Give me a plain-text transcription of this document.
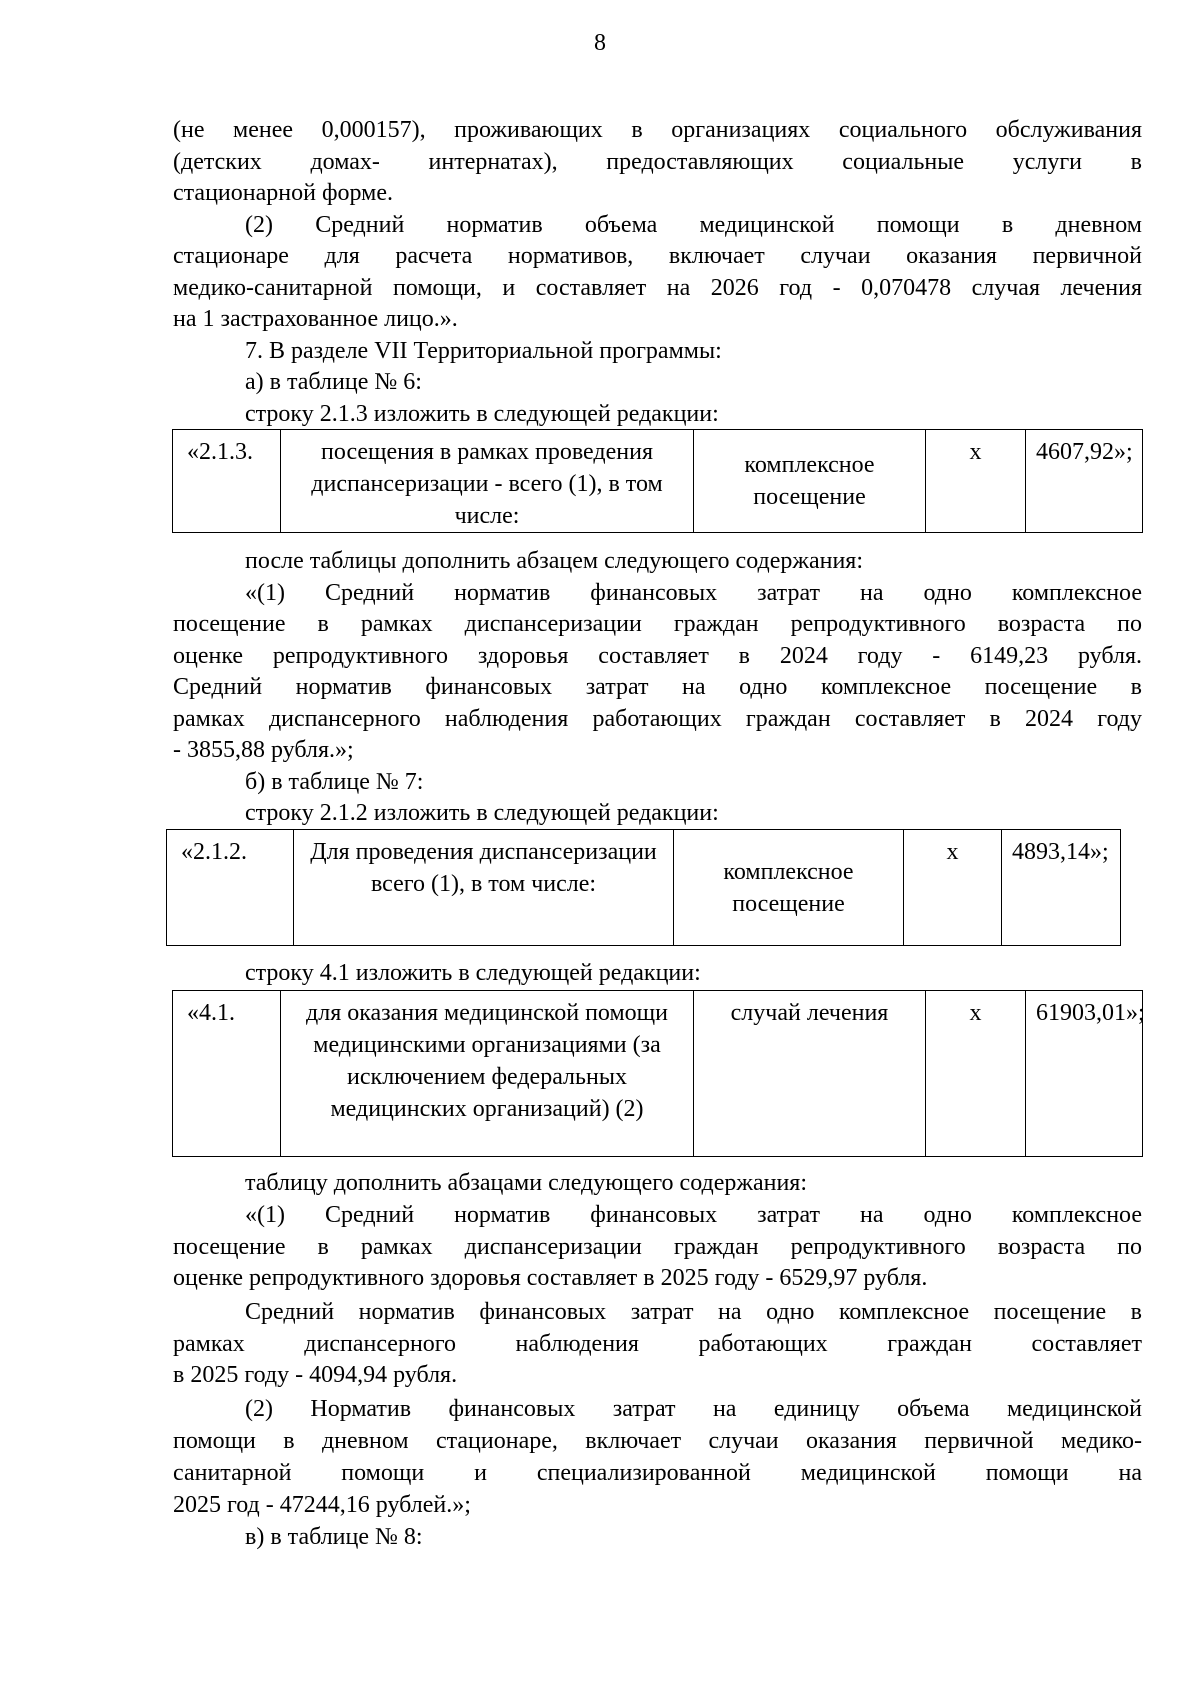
8
(не менее 0,000157), проживающих в организациях социального обслуживания
(детских домах- интернатах), предоставляющих социальные услуги в
стационарной форме.
(2) Средний норматив объема медицинской помощи в дневном
стационаре для расчета нормативов, включает случаи оказания первичной
медико-санитарной помощи, и составляет на 2026 год - 0,070478 случая лечения
на 1 застрахованное лицо.».
7. В разделе VII Территориальной программы:
а) в таблице № 6:
строку 2.1.3 изложить в следующей редакции:
«2.1.3.	посещения в рамках проведения диспансеризации - всего (1), в том числе:	комплексное посещение	х	4607,92»;
после таблицы дополнить абзацем следующего содержания:
«(1) Средний норматив финансовых затрат на одно комплексное
посещение в рамках диспансеризации граждан репродуктивного возраста по
оценке репродуктивного здоровья составляет в 2024 году - 6149,23 рубля.
Средний норматив финансовых затрат на одно комплексное посещение в
рамках диспансерного наблюдения работающих граждан составляет в 2024 году
- 3855,88 рубля.»;
б) в таблице № 7:
строку 2.1.2 изложить в следующей редакции:
«2.1.2.	Для проведения диспансеризации всего (1), в том числе:	комплексное посещение	х	4893,14»;
строку 4.1 изложить в следующей редакции:
«4.1.	для оказания медицинской помощи медицинскими организациями (за исключением федеральных медицинских организаций) (2)	случай лечения	х	61903,01»;
таблицу дополнить абзацами следующего содержания:
«(1) Средний норматив финансовых затрат на одно комплексное
посещение в рамках диспансеризации граждан репродуктивного возраста по
оценке репродуктивного здоровья составляет в 2025 году - 6529,97 рубля.
Средний норматив финансовых затрат на одно комплексное посещение в
рамках диспансерного наблюдения работающих граждан составляет
в 2025 году - 4094,94 рубля.
(2) Норматив финансовых затрат на единицу объема медицинской
помощи в дневном стационаре, включает случаи оказания первичной медико-
санитарной помощи и специализированной медицинской помощи на
2025 год - 47244,16 рублей.»;
в) в таблице № 8:
